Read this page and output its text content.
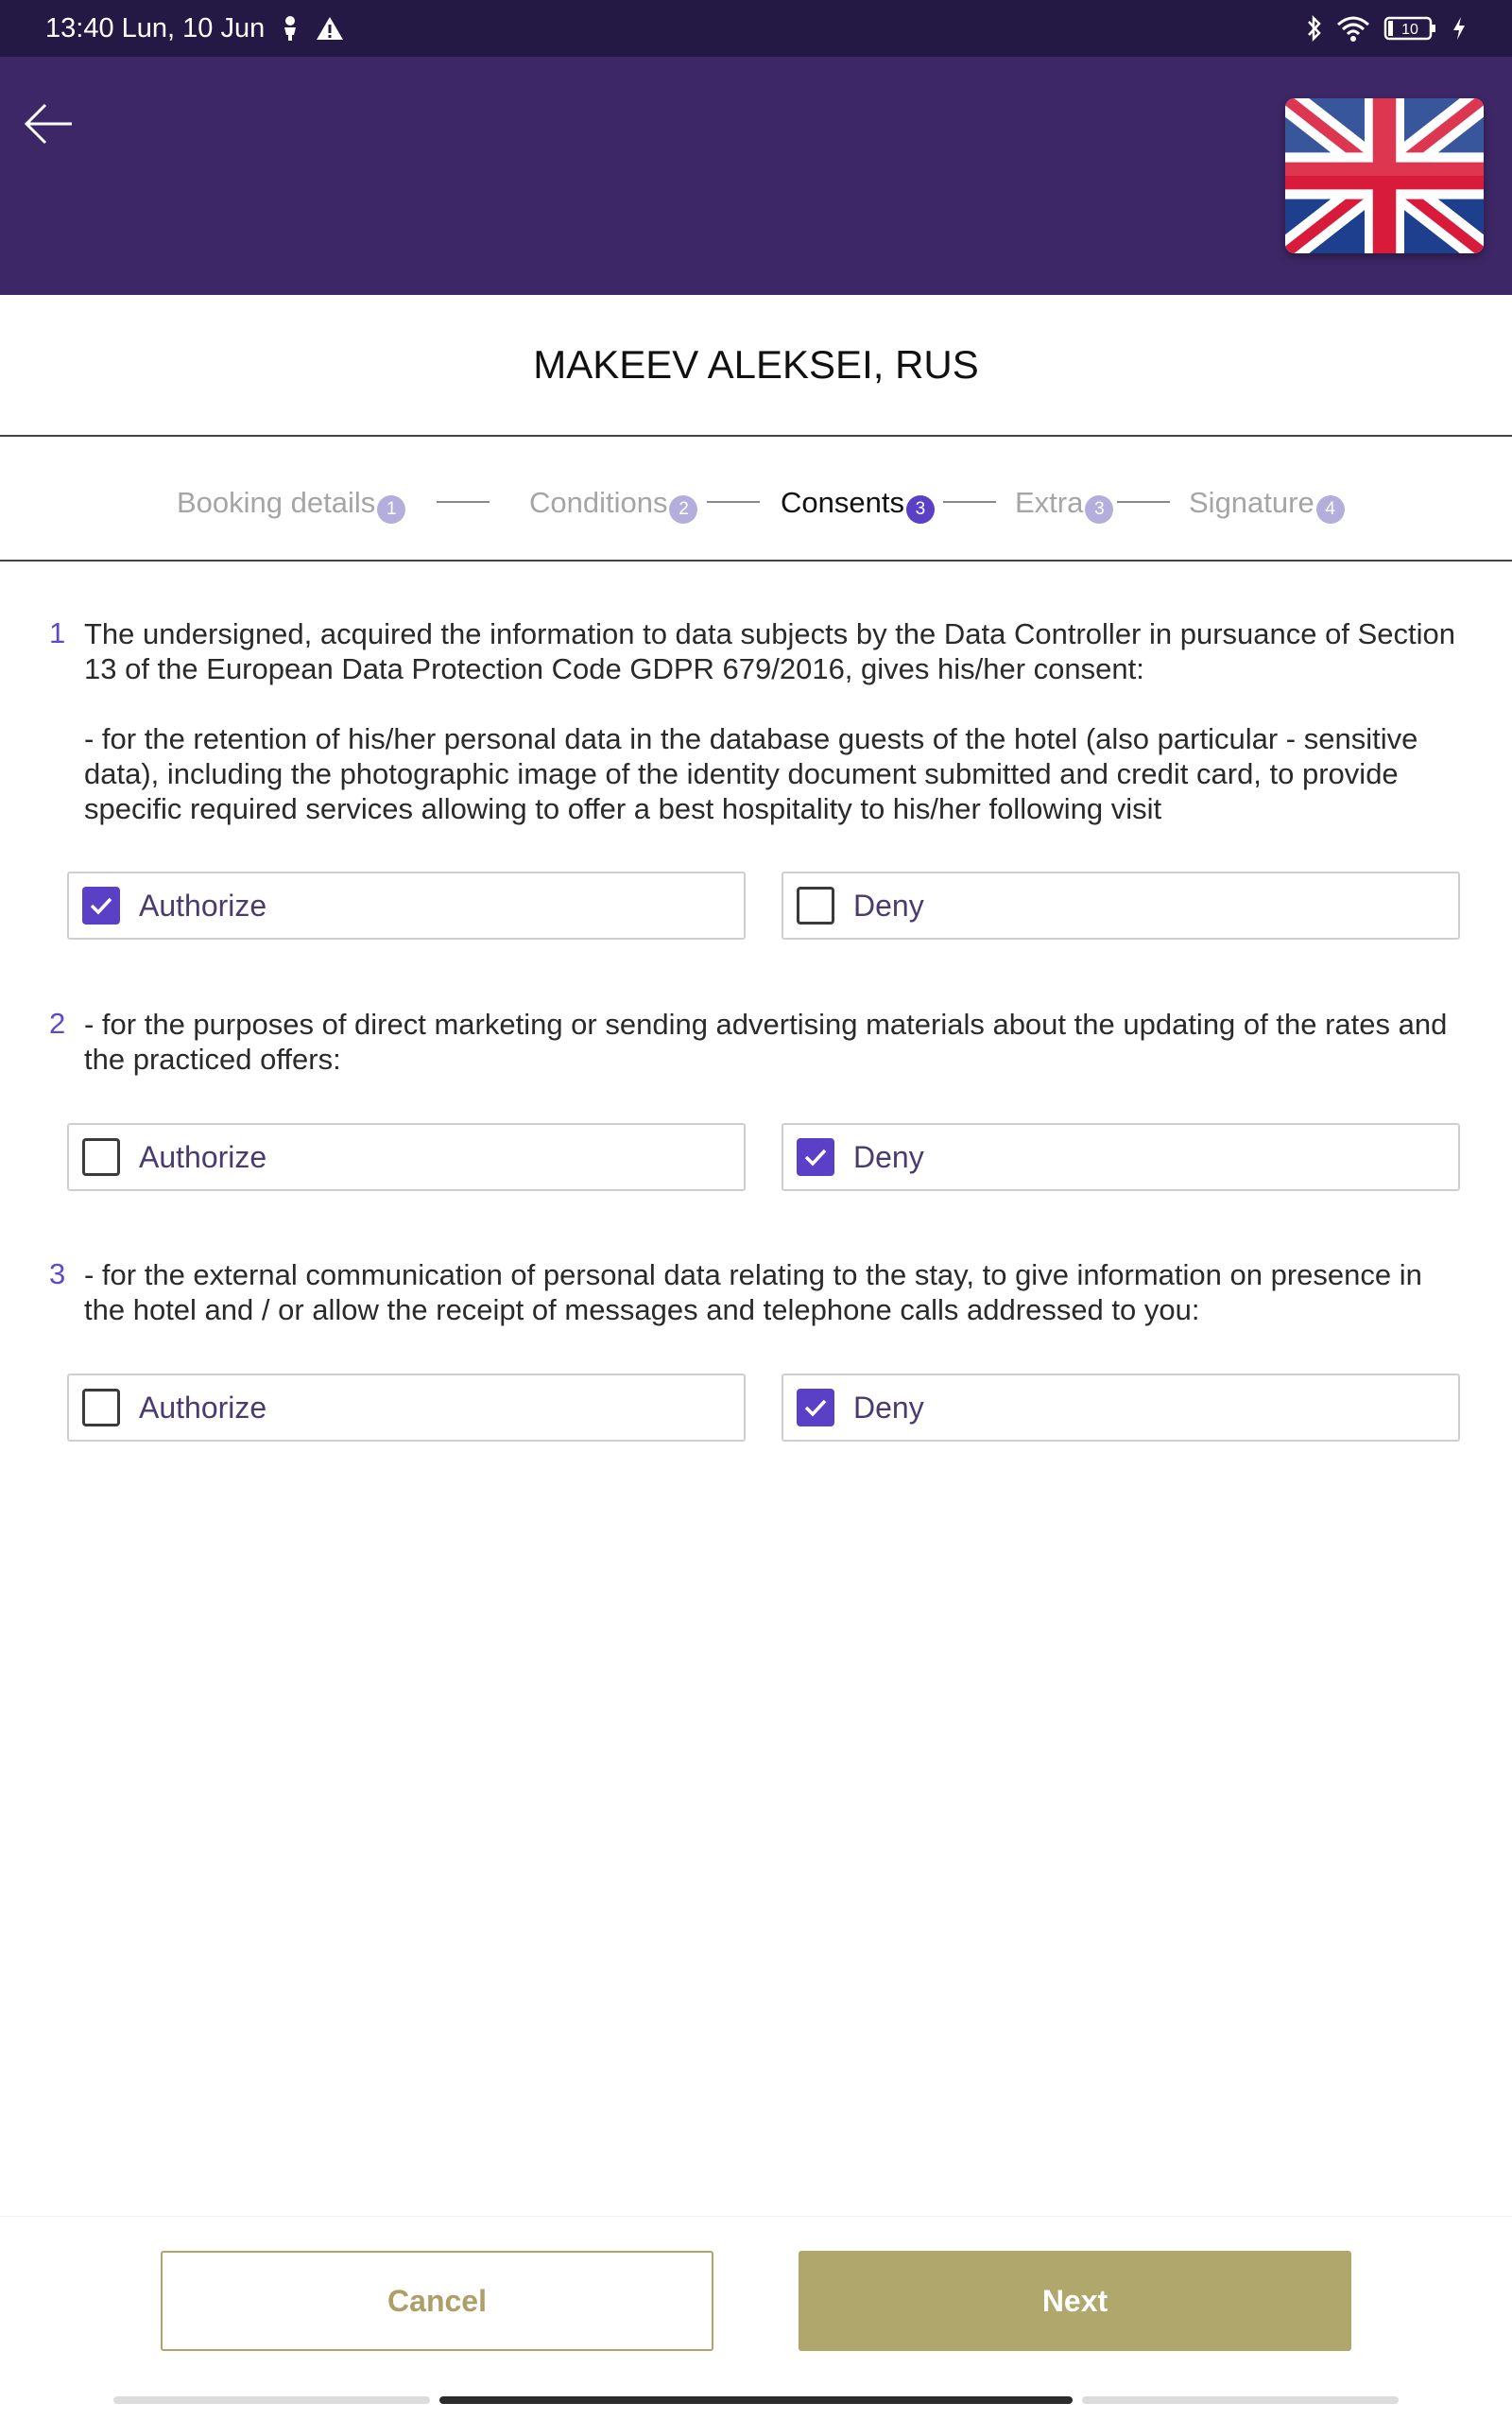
13:40 Lun, 10 Jun	10
MAKEEV ALEKSEI, RUS
Booking details 1	Conditions 2	Consents 3	Extra 3	Signature 4
1 The undersigned, acquired the information to data subjects by the Data Controller in pursuance of Section 13 of the European Data Protection Code GDPR 679/2016, gives his/her consent:
- for the retention of his/her personal data in the database guests of the hotel (also particular - sensitive data), including the photographic image of the identity document submitted and credit card, to provide specific required services allowing to offer a best hospitality to his/her following visit
Authorize	Deny
2 - for the purposes of direct marketing or sending advertising materials about the updating of the rates and the practiced offers:
Authorize	Deny
3 - for the external communication of personal data relating to the stay, to give information on presence in the hotel and / or allow the receipt of messages and telephone calls addressed to you:
Authorize	Deny
Cancel	Next
